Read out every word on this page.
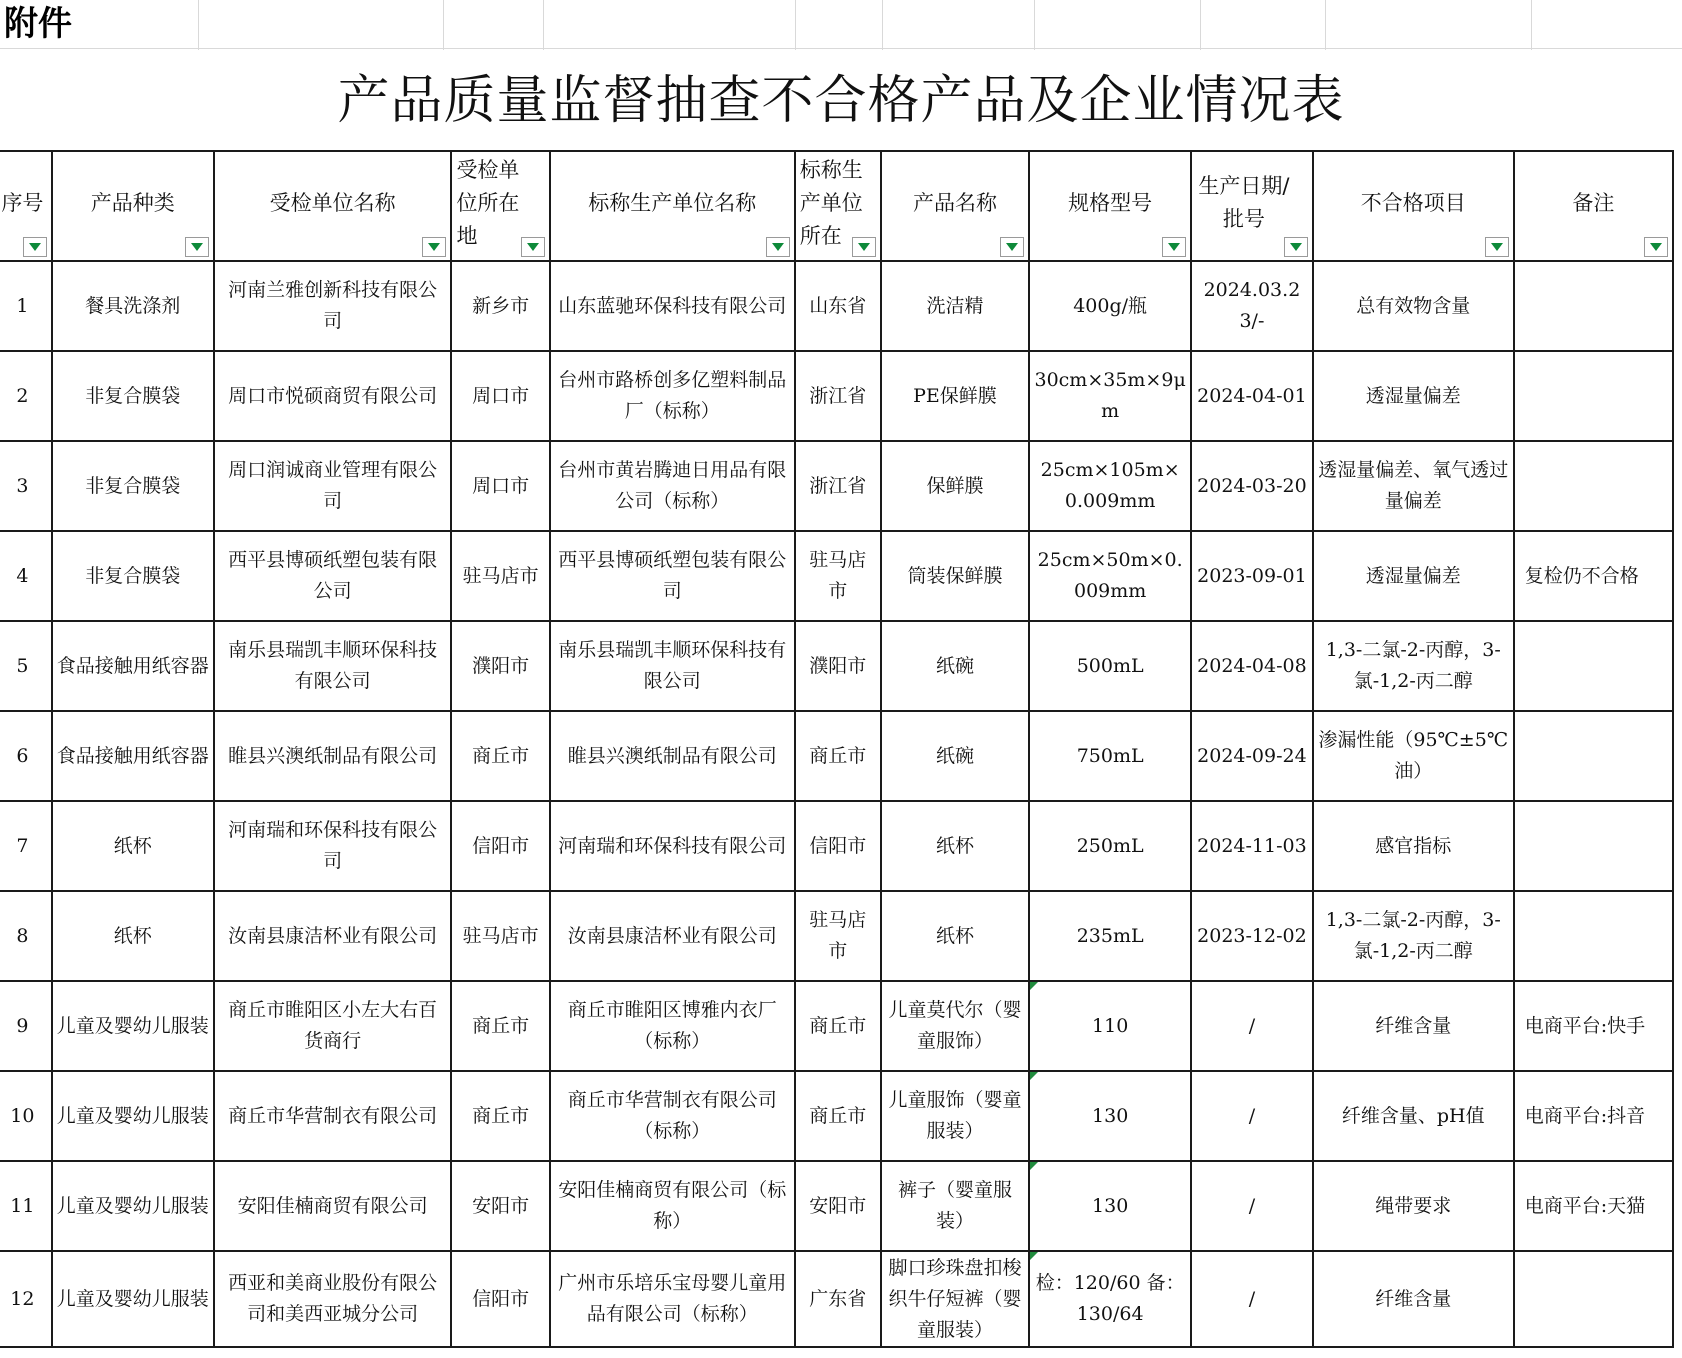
附件
产品质量监督抽查不合格产品及企业情况表
序号	产品种类	受检单位名称	受检单位所在地	标称生产单位名称	标称生产单位所在	产品名称	规格型号	生产日期/批号	不合格项目	备注

1	餐具洗涤剂	河南兰雅创新科技有限公司	新乡市	山东蓝驰环保科技有限公司	山东省	洗洁精	400g/瓶	2024.03.23/-	总有效物含量	
2	非复合膜袋	周口市悦硕商贸有限公司	周口市	台州市路桥创多亿塑料制品厂（标称）	浙江省	PE保鲜膜	30cm×35m×9μm	2024-04-01	透湿量偏差	
3	非复合膜袋	周口润诚商业管理有限公司	周口市	台州市黄岩腾迪日用品有限公司（标称）	浙江省	保鲜膜	25cm×105m×0.009mm	2024-03-20	透湿量偏差、氧气透过量偏差	
4	非复合膜袋	西平县博硕纸塑包装有限公司	驻马店市	西平县博硕纸塑包装有限公司	驻马店市	筒装保鲜膜	25cm×50m×0.009mm	2023-09-01	透湿量偏差	复检仍不合格
5	食品接触用纸容器	南乐县瑞凯丰顺环保科技有限公司	濮阳市	南乐县瑞凯丰顺环保科技有限公司	濮阳市	纸碗	500mL	2024-04-08	1,3-二氯-2-丙醇，3-氯-1,2-丙二醇	
6	食品接触用纸容器	睢县兴澳纸制品有限公司	商丘市	睢县兴澳纸制品有限公司	商丘市	纸碗	750mL	2024-09-24	渗漏性能（95℃±5℃油）	
7	纸杯	河南瑞和环保科技有限公司	信阳市	河南瑞和环保科技有限公司	信阳市	纸杯	250mL	2024-11-03	感官指标	
8	纸杯	汝南县康洁杯业有限公司	驻马店市	汝南县康洁杯业有限公司	驻马店市	纸杯	235mL	2023-12-02	1,3-二氯-2-丙醇，3-氯-1,2-丙二醇	
9	儿童及婴幼儿服装	商丘市睢阳区小左大右百货商行	商丘市	商丘市睢阳区博雅内衣厂（标称）	商丘市	儿童莫代尔（婴童服饰）	110	/	纤维含量	电商平台:快手
10	儿童及婴幼儿服装	商丘市华营制衣有限公司	商丘市	商丘市华营制衣有限公司（标称）	商丘市	儿童服饰（婴童服装）	130	/	纤维含量、pH值	电商平台:抖音
11	儿童及婴幼儿服装	安阳佳楠商贸有限公司	安阳市	安阳佳楠商贸有限公司（标称）	安阳市	裤子（婴童服装）	130	/	绳带要求	电商平台:天猫
12	儿童及婴幼儿服装	西亚和美商业股份有限公司和美西亚城分公司	信阳市	广州市乐培乐宝母婴儿童用品有限公司（标称）	广东省	脚口珍珠盘扣梭织牛仔短裤（婴童服装）	检：120/60 备：130/64	/	纤维含量	
